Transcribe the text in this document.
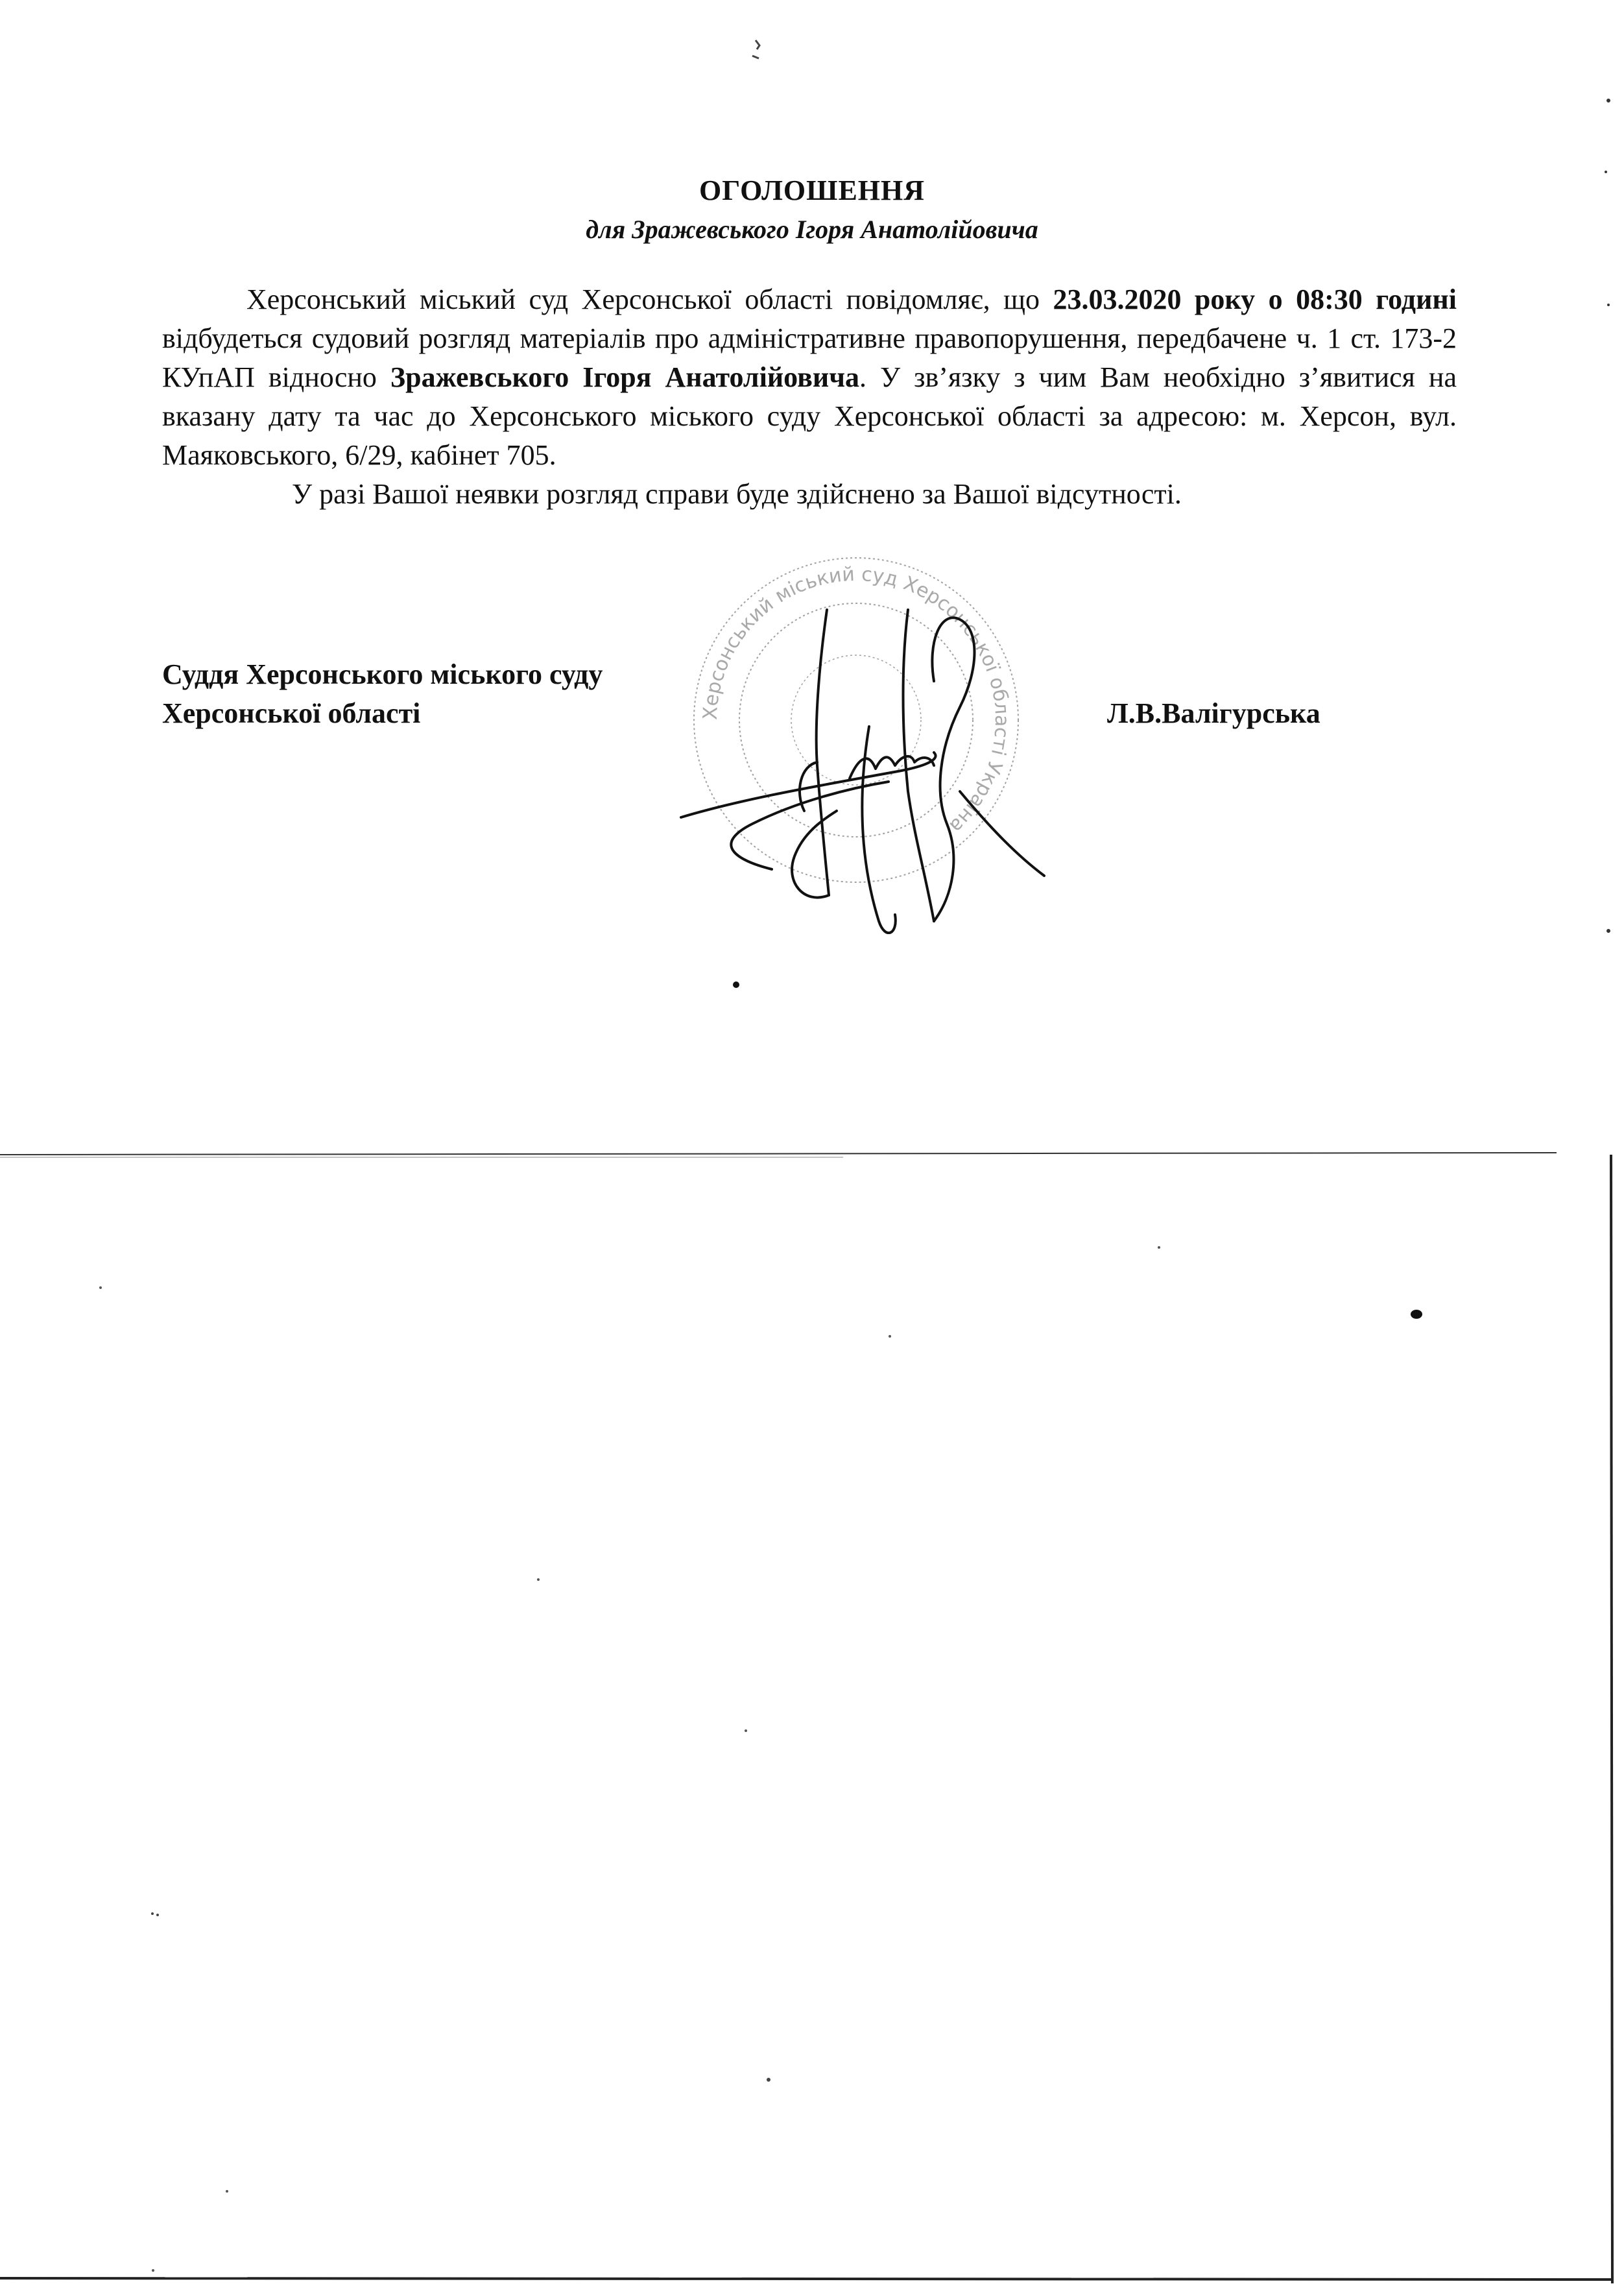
ОГОЛОШЕННЯ
для Зражевського Ігоря Анатолійовича

Херсонський міський суд Херсонської області повідомляє, що 23.03.2020 року о 08:30 годині відбудеться судовий розгляд матеріалів про адміністративне правопорушення, передбачене ч. 1 ст. 173-2 КУпАП відносно Зражевського Ігоря Анатолійовича. У зв’язку з чим Вам необхідно з’явитися на вказану дату та час до Херсонського міського суду Херсонської області за адресою: м. Херсон, вул. Маяковського, 6/29, кабінет 705.

У разі Вашої неявки розгляд справи буде здійснено за Вашої відсутності.

Суддя Херсонського міського суду
Херсонської області	Л.В.Валігурська
Херсонський міський суд Херсонської області Україна
